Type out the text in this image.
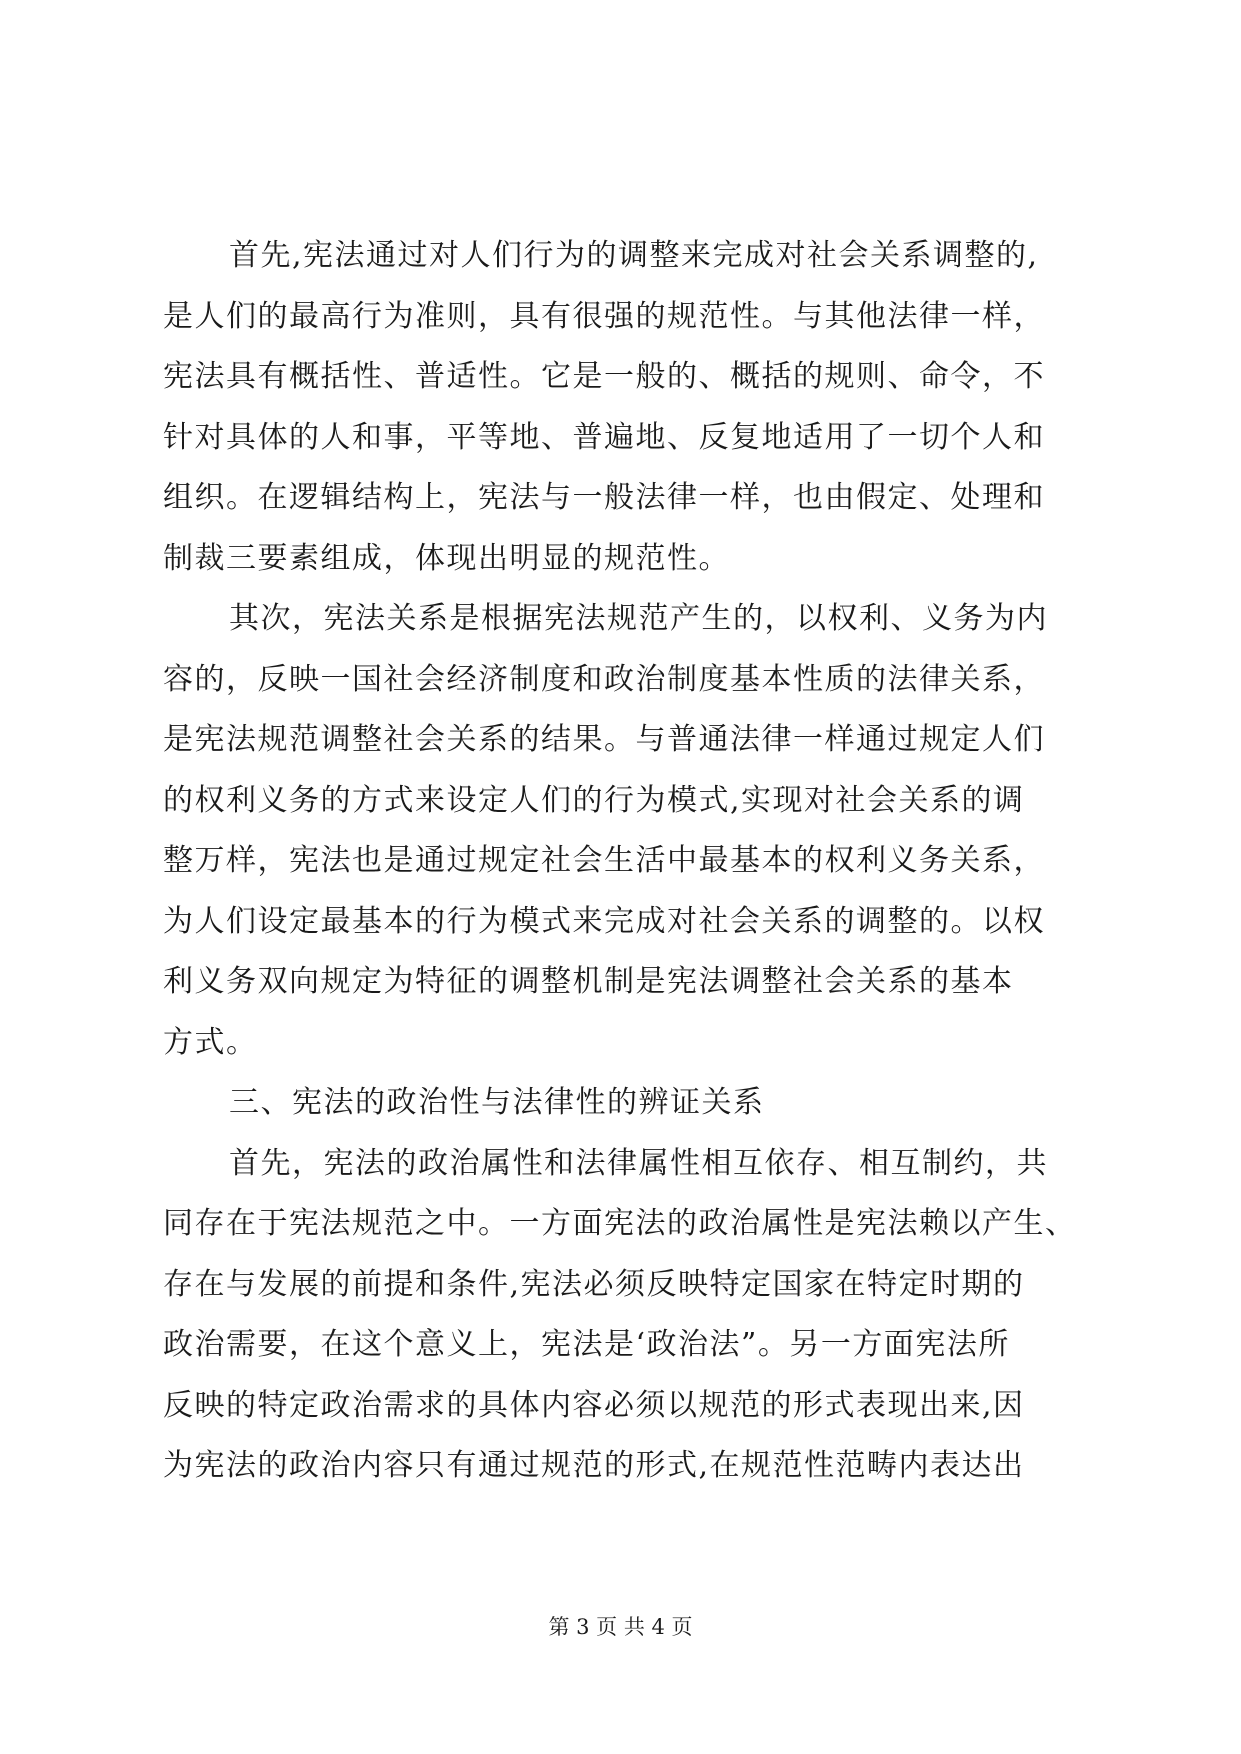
首先,宪法通过对人们行为的调整来完成对社会关系调整的,
是人们的最高行为准则，具有很强的规范性。与其他法律一样，
宪法具有概括性、普适性。它是一般的、概括的规则、命令，不
针对具体的人和事，平等地、普遍地、反复地适用了一切个人和
组织。在逻辑结构上，宪法与一般法律一样，也由假定、处理和
制裁三要素组成，体现出明显的规范性。
其次，宪法关系是根据宪法规范产生的，以权利、义务为内
容的，反映一国社会经济制度和政治制度基本性质的法律关系，
是宪法规范调整社会关系的结果。与普通法律一样通过规定人们
的权利义务的方式来设定人们的行为模式,实现对社会关系的调
整万样，宪法也是通过规定社会生活中最基本的权利义务关系，
为人们设定最基本的行为模式来完成对社会关系的调整的。以权
利义务双向规定为特征的调整机制是宪法调整社会关系的基本
方式。
三、宪法的政治性与法律性的辨证关系
首先，宪法的政治属性和法律属性相互依存、相互制约，共
同存在于宪法规范之中。一方面宪法的政治属性是宪法赖以产生、
存在与发展的前提和条件,宪法必须反映特定国家在特定时期的
政治需要，在这个意义上，宪法是‘政治法”。另一方面宪法所
反映的特定政治需求的具体内容必须以规范的形式表现出来,因
为宪法的政治内容只有通过规范的形式,在规范性范畴内表达出
第 3 页 共 4 页
